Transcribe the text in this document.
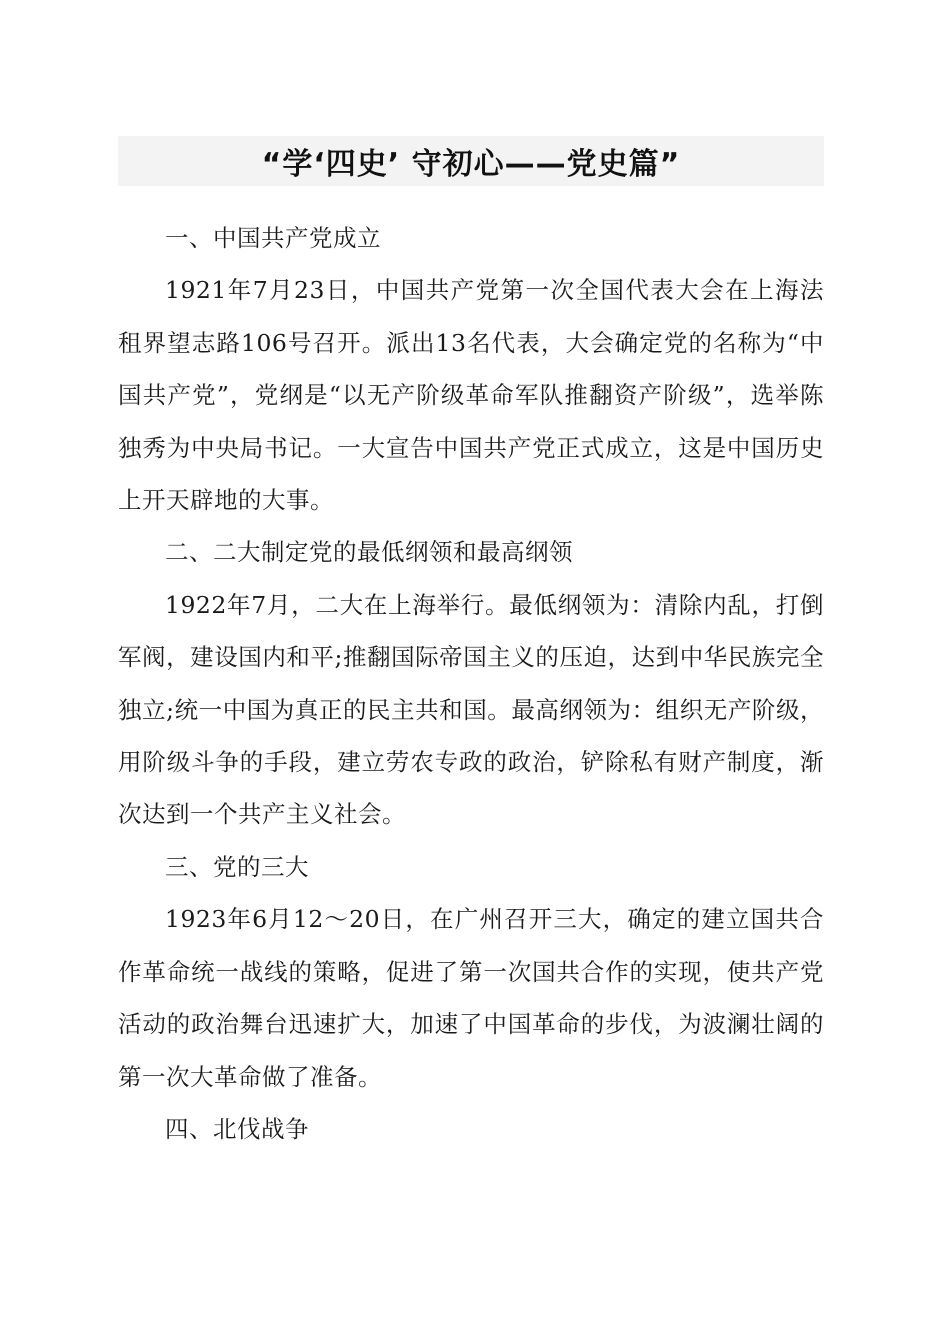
“学‘四史’ 守初心——党史篇”

一、中国共产党成立

1921年7月23日，中国共产党第一次全国代表大会在上海法租界望志路106号召开。派出13名代表，大会确定党的名称为“中国共产党”，党纲是“以无产阶级革命军队推翻资产阶级”，选举陈独秀为中央局书记。一大宣告中国共产党正式成立，这是中国历史上开天辟地的大事。

二、二大制定党的最低纲领和最高纲领

1922年7月，二大在上海举行。最低纲领为：清除内乱，打倒军阀，建设国内和平;推翻国际帝国主义的压迫，达到中华民族完全独立;统一中国为真正的民主共和国。最高纲领为：组织无产阶级，用阶级斗争的手段，建立劳农专政的政治，铲除私有财产制度，渐次达到一个共产主义社会。

三、党的三大

1923年6月12～20日，在广州召开三大，确定的建立国共合作革命统一战线的策略，促进了第一次国共合作的实现，使共产党活动的政治舞台迅速扩大，加速了中国革命的步伐，为波澜壮阔的第一次大革命做了准备。

四、北伐战争
